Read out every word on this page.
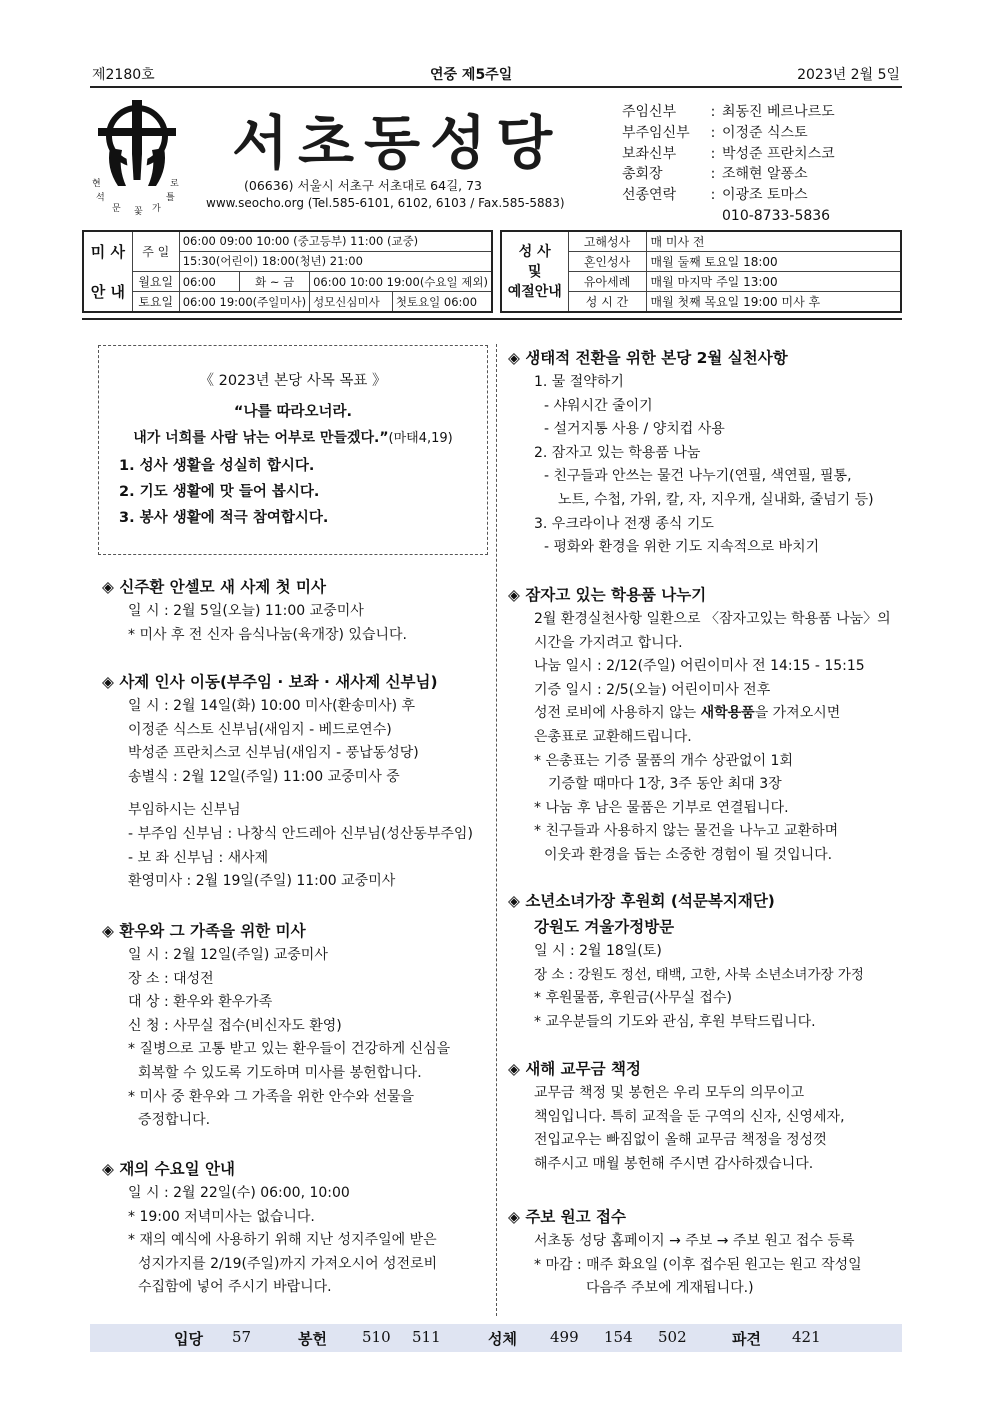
제2180호	연중 제5주일	2023년 2월 5일
현	로
석	틀
문 꽃 가
서초동성당
(06636) 서울시 서초구 서초대로 64길, 73
www.seocho.org (Tel.585-6101, 6102, 6103 / Fax.585-5883)
주임신부	: 최동진 베르나르도
부주임신부	: 이정준 식스토
보좌신부	: 박성준 프란치스코
총회장	: 조해현 알퐁소
선종연락	: 이광조 토마스
010-8733-5836
미 사	주 일	06:00 09:00 10:00 (중고등부) 11:00 (교중)			
		15:30(어린이) 18:00(청년) 21:00			
안 내	월요일	06:00	화 ~ 금	06:00 10:00 19:00(수요일 제외)	
	토요일	06:00 19:00(주일미사)		성모신심미사	첫토요일 06:00
성 사
및
예절안내	고해성사	매 미사 전
	혼인성사	매월 둘째 토요일 18:00
	유아세례	매월 마지막 주일 13:00
	성 시 간	매월 첫째 목요일 19:00 미사 후
《 2023년 본당 사목 목표 》
“나를 따라오너라.
내가 너희를 사람 낚는 어부로 만들겠다.”(마태4,19)
1. 성사 생활을 성실히 합시다.
2. 기도 생활에 맛 들어 봅시다.
3. 봉사 생활에 적극 참여합시다.
◈ 신주환 안셀모 새 사제 첫 미사
일 시 : 2월 5일(오늘) 11:00 교중미사
* 미사 후 전 신자 음식나눔(육개장) 있습니다.
◈ 사제 인사 이동(부주임 · 보좌 · 새사제 신부님)
일 시 : 2월 14일(화) 10:00 미사(환송미사) 후
이정준 식스토 신부님(새임지 - 베드로연수)
박성준 프란치스코 신부님(새임지 - 풍납동성당)
송별식 : 2월 12일(주일) 11:00 교중미사 중
부임하시는 신부님
- 부주임 신부님 : 나창식 안드레아 신부님(성산동부주임)
- 보 좌 신부님 : 새사제
환영미사 : 2월 19일(주일) 11:00 교중미사
◈ 환우와 그 가족을 위한 미사
일 시 : 2월 12일(주일) 교중미사
장 소 : 대성전
대 상 : 환우와 환우가족
신 청 : 사무실 접수(비신자도 환영)
* 질병으로 고통 받고 있는 환우들이 건강하게 신심을
회복할 수 있도록 기도하며 미사를 봉헌합니다.
* 미사 중 환우와 그 가족을 위한 안수와 선물을
증정합니다.
◈ 재의 수요일 안내
일 시 : 2월 22일(수) 06:00, 10:00
* 19:00 저녁미사는 없습니다.
* 재의 예식에 사용하기 위해 지난 성지주일에 받은
성지가지를 2/19(주일)까지 가져오시어 성전로비
수집함에 넣어 주시기 바랍니다.
◈ 생태적 전환을 위한 본당 2월 실천사항
1. 물 절약하기
- 샤워시간 줄이기
- 설거지통 사용 / 양치컵 사용
2. 잠자고 있는 학용품 나눔
- 친구들과 안쓰는 물건 나누기(연필, 색연필, 필통,
노트, 수첩, 가위, 칼, 자, 지우개, 실내화, 줄넘기 등)
3. 우크라이나 전쟁 종식 기도
- 평화와 환경을 위한 기도 지속적으로 바치기
◈ 잠자고 있는 학용품 나누기
2월 환경실천사항 일환으로 〈잠자고있는 학용품 나눔〉의
시간을 가지려고 합니다.
나눔 일시 : 2/12(주일) 어린이미사 전 14:15 - 15:15
기증 일시 : 2/5(오늘) 어린이미사 전후
성전 로비에 사용하지 않는 새학용품을 가져오시면
은총표로 교환해드립니다.
* 은총표는 기증 물품의 개수 상관없이 1회
기증할 때마다 1장, 3주 동안 최대 3장
* 나눔 후 남은 물품은 기부로 연결됩니다.
* 친구들과 사용하지 않는 물건을 나누고 교환하며
이웃과 환경을 돕는 소중한 경험이 될 것입니다.
◈ 소년소녀가장 후원회 (석문복지재단)
강원도 겨울가정방문
일 시 : 2월 18일(토)
장 소 : 강원도 정선, 태백, 고한, 사북 소년소녀가장 가정
* 후원물품, 후원금(사무실 접수)
* 교우분들의 기도와 관심, 후원 부탁드립니다.
◈ 새해 교무금 책정
교무금 책정 및 봉헌은 우리 모두의 의무이고
책임입니다. 특히 교적을 둔 구역의 신자, 신영세자,
전입교우는 빠짐없이 올해 교무금 책정을 정성껏
해주시고 매월 봉헌해 주시면 감사하겠습니다.
◈ 주보 원고 접수
서초동 성당 홈페이지 → 주보 → 주보 원고 접수 등록
* 마감 : 매주 화요일 (이후 접수된 원고는 원고 작성일
다음주 주보에 게재됩니다.)
입당 57	봉헌 510 511	성체 499 154 502	파견 421
